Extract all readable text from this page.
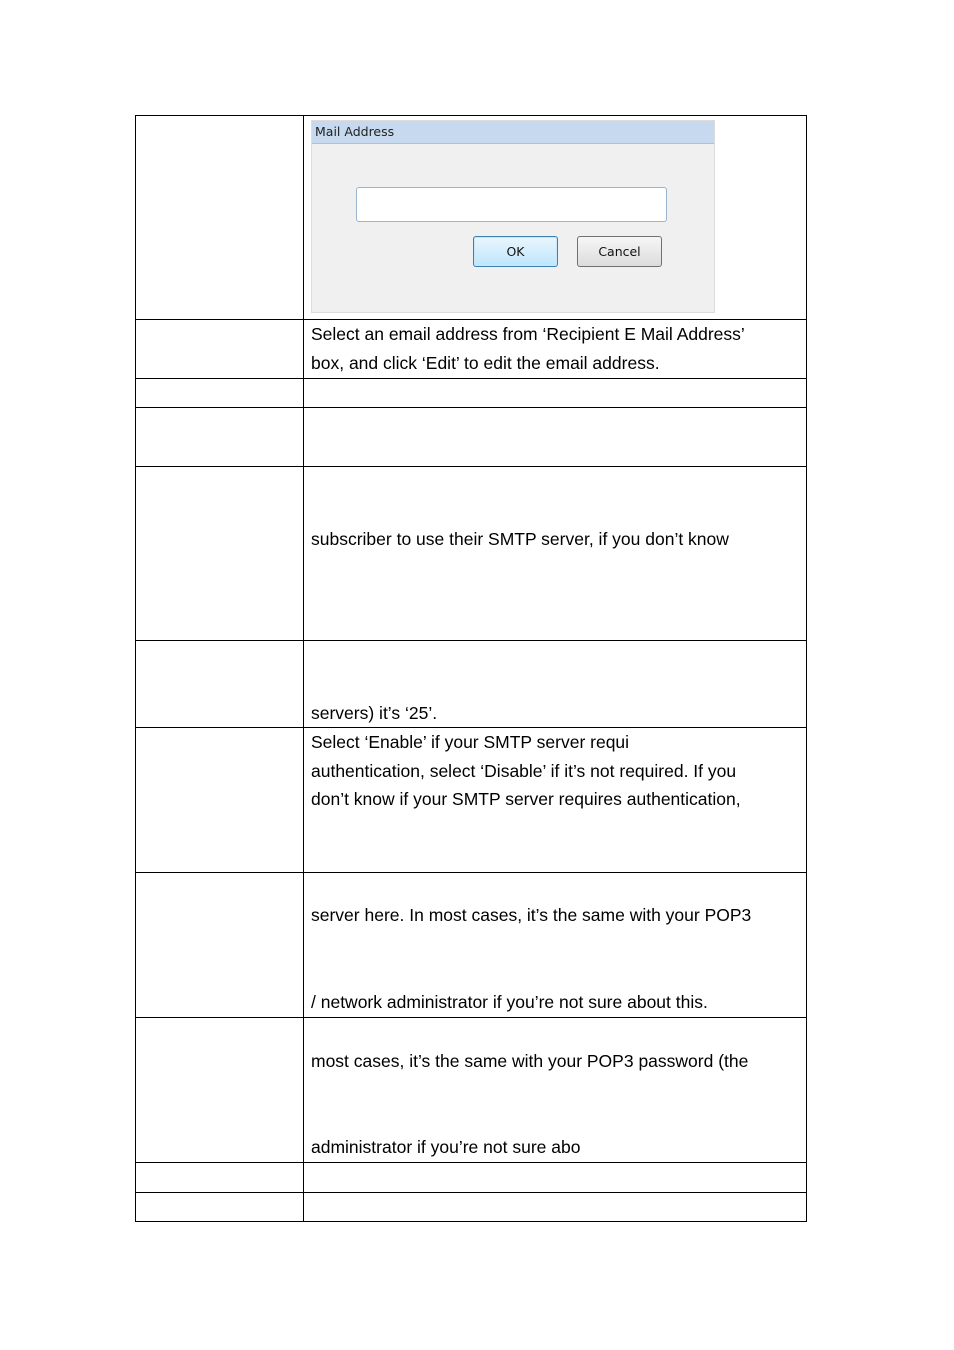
	Mail Address
OK Cancel

	Select an email address from ‘Recipient E Mail Address’
box, and click ‘Edit’ to edit the email address.

	subscriber to use their SMTP server, if you don’t know

	servers) it’s ‘25’.

	Select ‘Enable’ if your SMTP server requi
authentication, select ‘Disable’ if it’s not required. If you
don’t know if your SMTP server requires authentication,

	server here. In most cases, it’s the same with your POP3
/ network administrator if you’re not sure about this.

	most cases, it’s the same with your POP3 password (the
administrator if you’re not sure abo
